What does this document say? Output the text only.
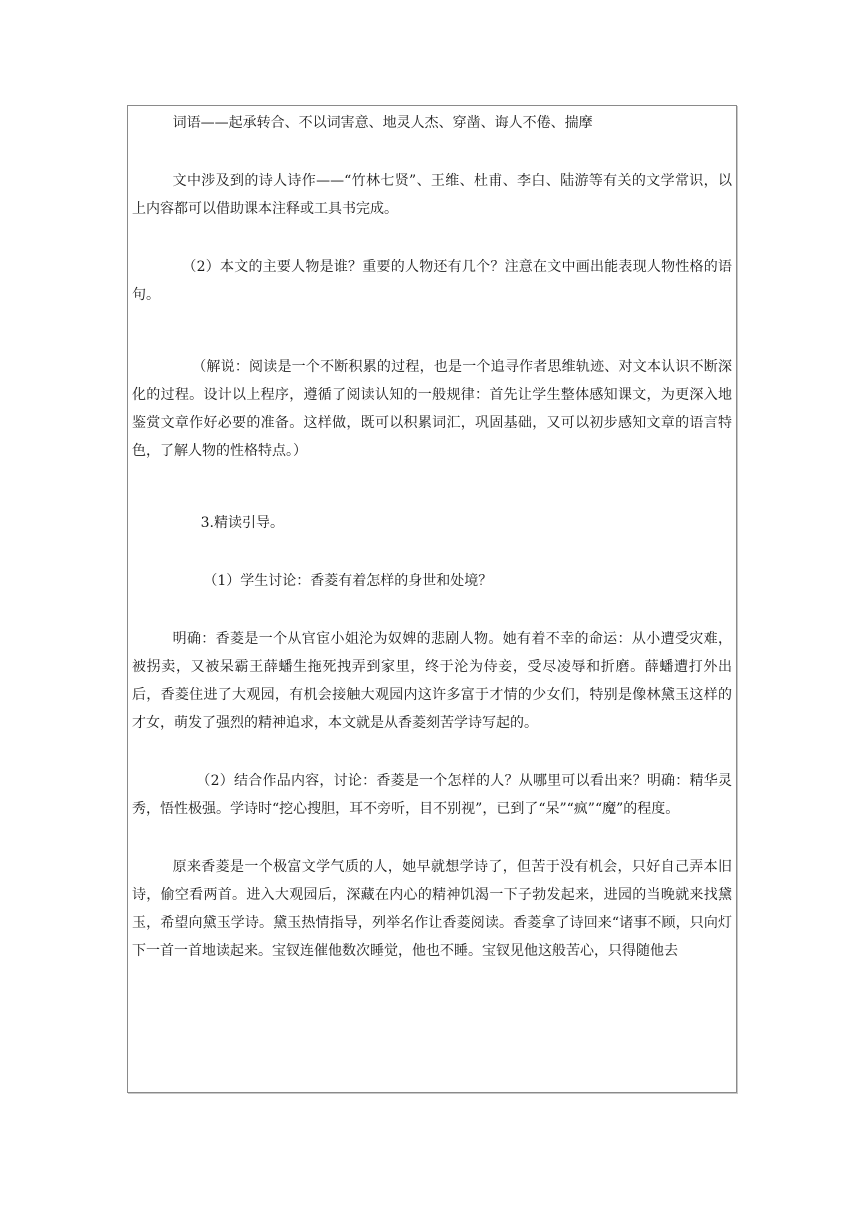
词语——起承转合、不以词害意、地灵人杰、穿凿、诲人不倦、揣摩

文中涉及到的诗人诗作——“竹林七贤”、王维、杜甫、李白、陆游等有关的文学常识，以上内容都可以借助课本注释或工具书完成。

（2）本文的主要人物是谁？重要的人物还有几个？注意在文中画出能表现人物性格的语句。

（解说：阅读是一个不断积累的过程，也是一个追寻作者思维轨迹、对文本认识不断深化的过程。设计以上程序，遵循了阅读认知的一般规律：首先让学生整体感知课文，为更深入地鉴赏文章作好必要的准备。这样做，既可以积累词汇，巩固基础，又可以初步感知文章的语言特色，了解人物的性格特点。）

3.精读引导。

（1）学生讨论：香菱有着怎样的身世和处境？

明确：香菱是一个从官宦小姐沦为奴婢的悲剧人物。她有着不幸的命运：从小遭受灾难，被拐卖，又被呆霸王薛蟠生拖死拽弄到家里，终于沦为侍妾，受尽凌辱和折磨。薛蟠遭打外出后，香菱住进了大观园，有机会接触大观园内这许多富于才情的少女们，特别是像林黛玉这样的才女，萌发了强烈的精神追求，本文就是从香菱刻苦学诗写起的。

（2）结合作品内容，讨论：香菱是一个怎样的人？从哪里可以看出来？明确：精华灵秀，悟性极强。学诗时“挖心搜胆，耳不旁听，目不别视”，已到了“呆”“疯”“魔”的程度。

原来香菱是一个极富文学气质的人，她早就想学诗了，但苦于没有机会，只好自己弄本旧诗，偷空看两首。进入大观园后，深藏在内心的精神饥渴一下子勃发起来，进园的当晚就来找黛玉，希望向黛玉学诗。黛玉热情指导，列举名作让香菱阅读。香菱拿了诗回来“诸事不顾，只向灯下一首一首地读起来。宝钗连催他数次睡觉，他也不睡。宝钗见他这般苦心，只得随他去
